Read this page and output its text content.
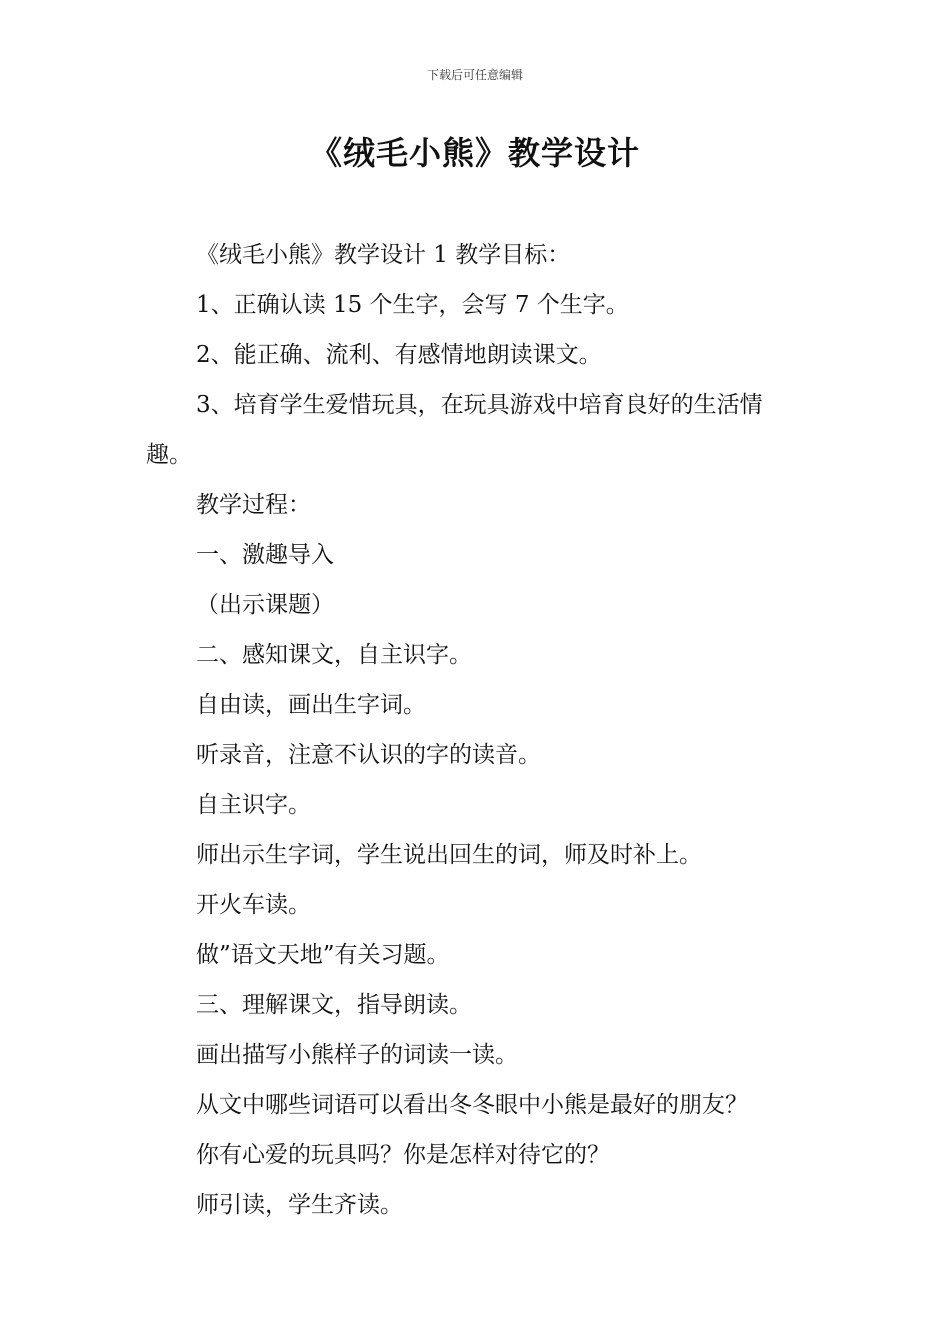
下载后可任意编辑
《绒毛小熊》教学设计

《绒毛小熊》教学设计 1 教学目标：

1、正确认读 15 个生字，会写 7 个生字。

2、能正确、流利、有感情地朗读课文。

3、培育学生爱惜玩具，在玩具游戏中培育良好的生活情趣。

教学过程：

一、激趣导入

（出示课题）

二、感知课文，自主识字。

自由读，画出生字词。

听录音，注意不认识的字的读音。

自主识字。

师出示生字词，学生说出回生的词，师及时补上。

开火车读。

做”语文天地”有关习题。

三、理解课文，指导朗读。

画出描写小熊样子的词读一读。

从文中哪些词语可以看出冬冬眼中小熊是最好的朋友？

你有心爱的玩具吗？你是怎样对待它的？

师引读，学生齐读。
